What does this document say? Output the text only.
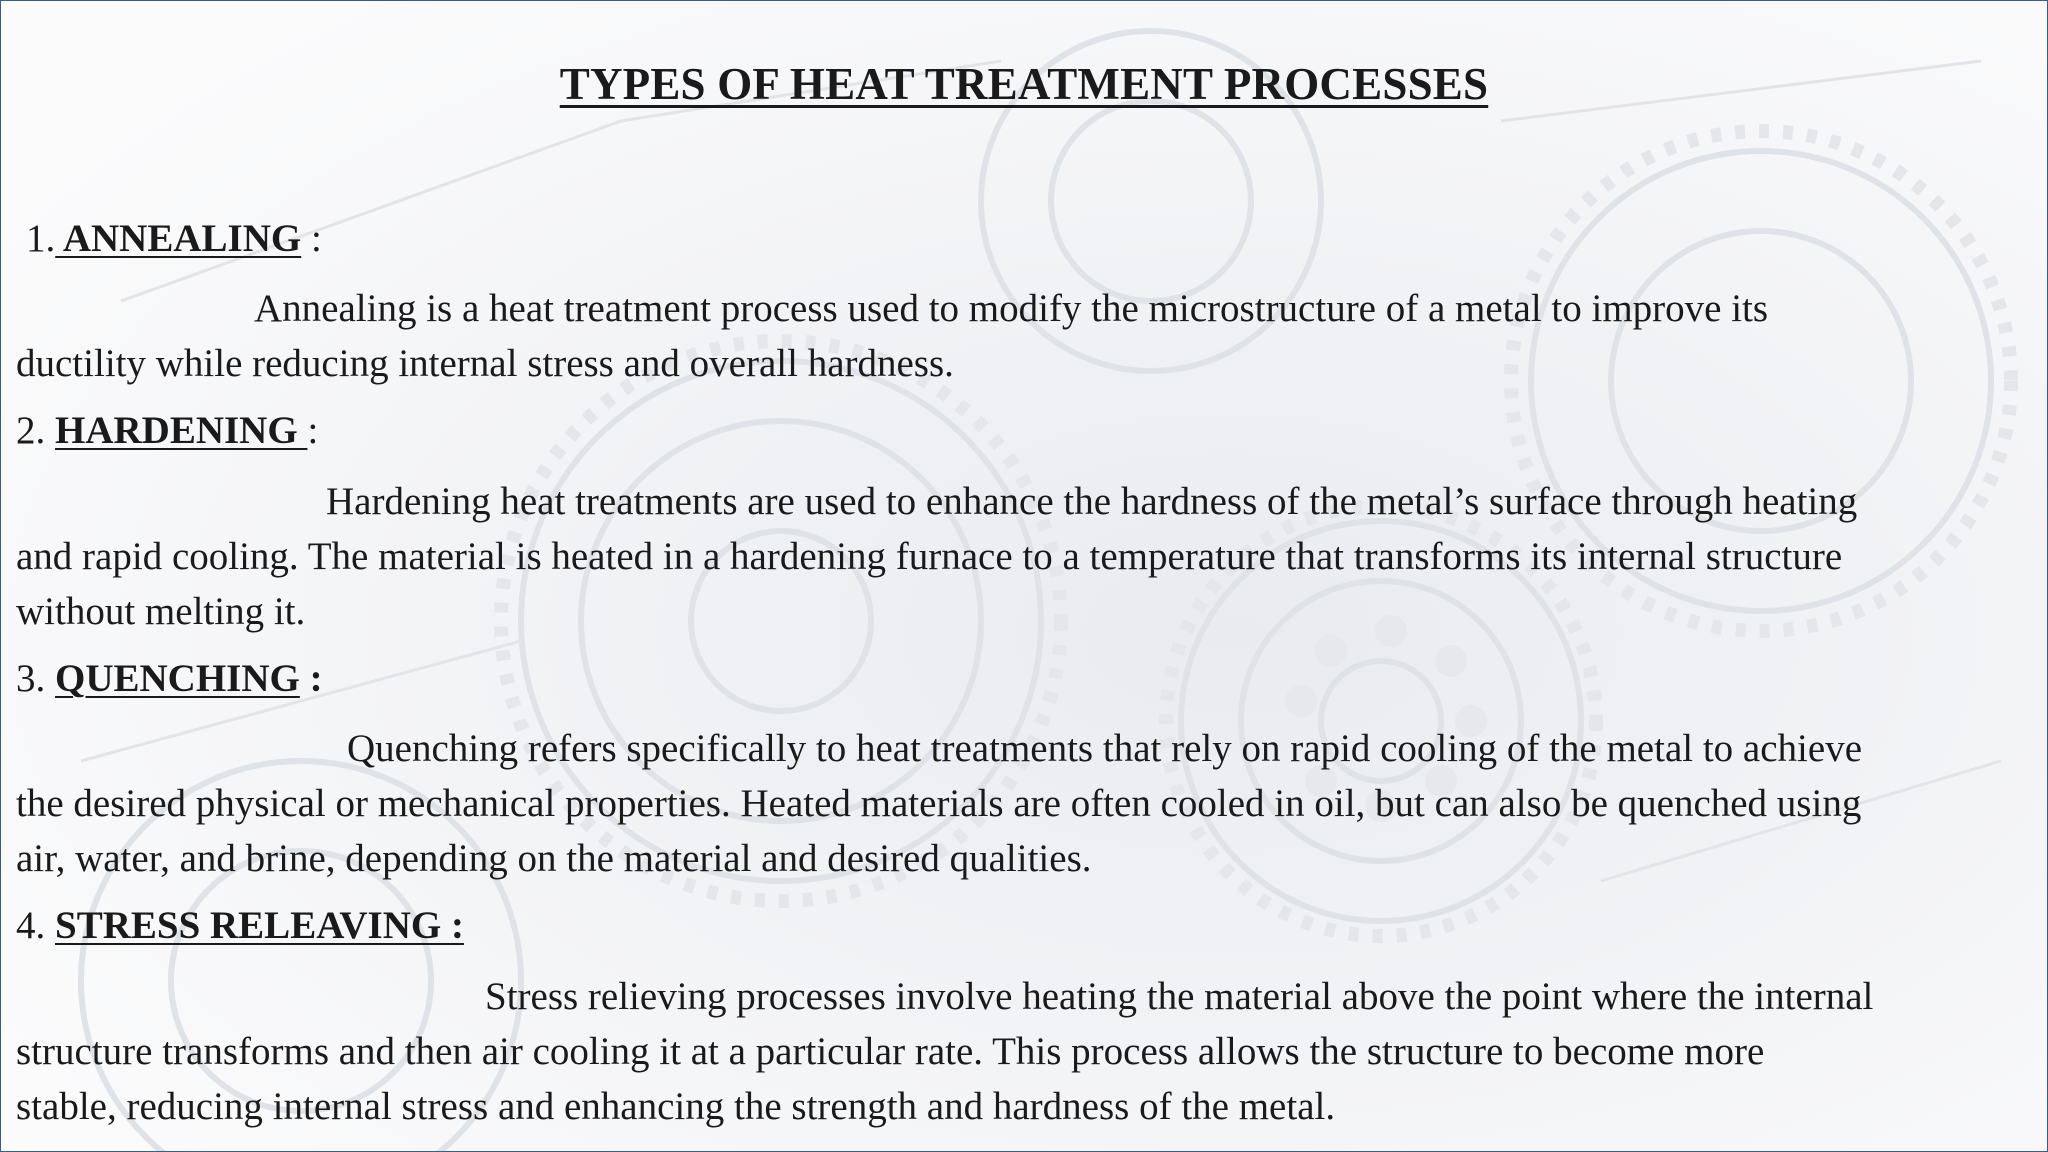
TYPES OF HEAT TREATMENT PROCESSES

1. ANNEALING :

Annealing is a heat treatment process used to modify the microstructure of a metal to improve its
ductility while reducing internal stress and overall hardness.

2. HARDENING :

Hardening heat treatments are used to enhance the hardness of the metal’s surface through heating
and rapid cooling. The material is heated in a hardening furnace to a temperature that transforms its internal structure
without melting it.

3. QUENCHING :

Quenching refers specifically to heat treatments that rely on rapid cooling of the metal to achieve
the desired physical or mechanical properties. Heated materials are often cooled in oil, but can also be quenched using
air, water, and brine, depending on the material and desired qualities.

4. STRESS RELEAVING :

Stress relieving processes involve heating the material above the point where the internal
structure transforms and then air cooling it at a particular rate. This process allows the structure to become more
stable, reducing internal stress and enhancing the strength and hardness of the metal.
